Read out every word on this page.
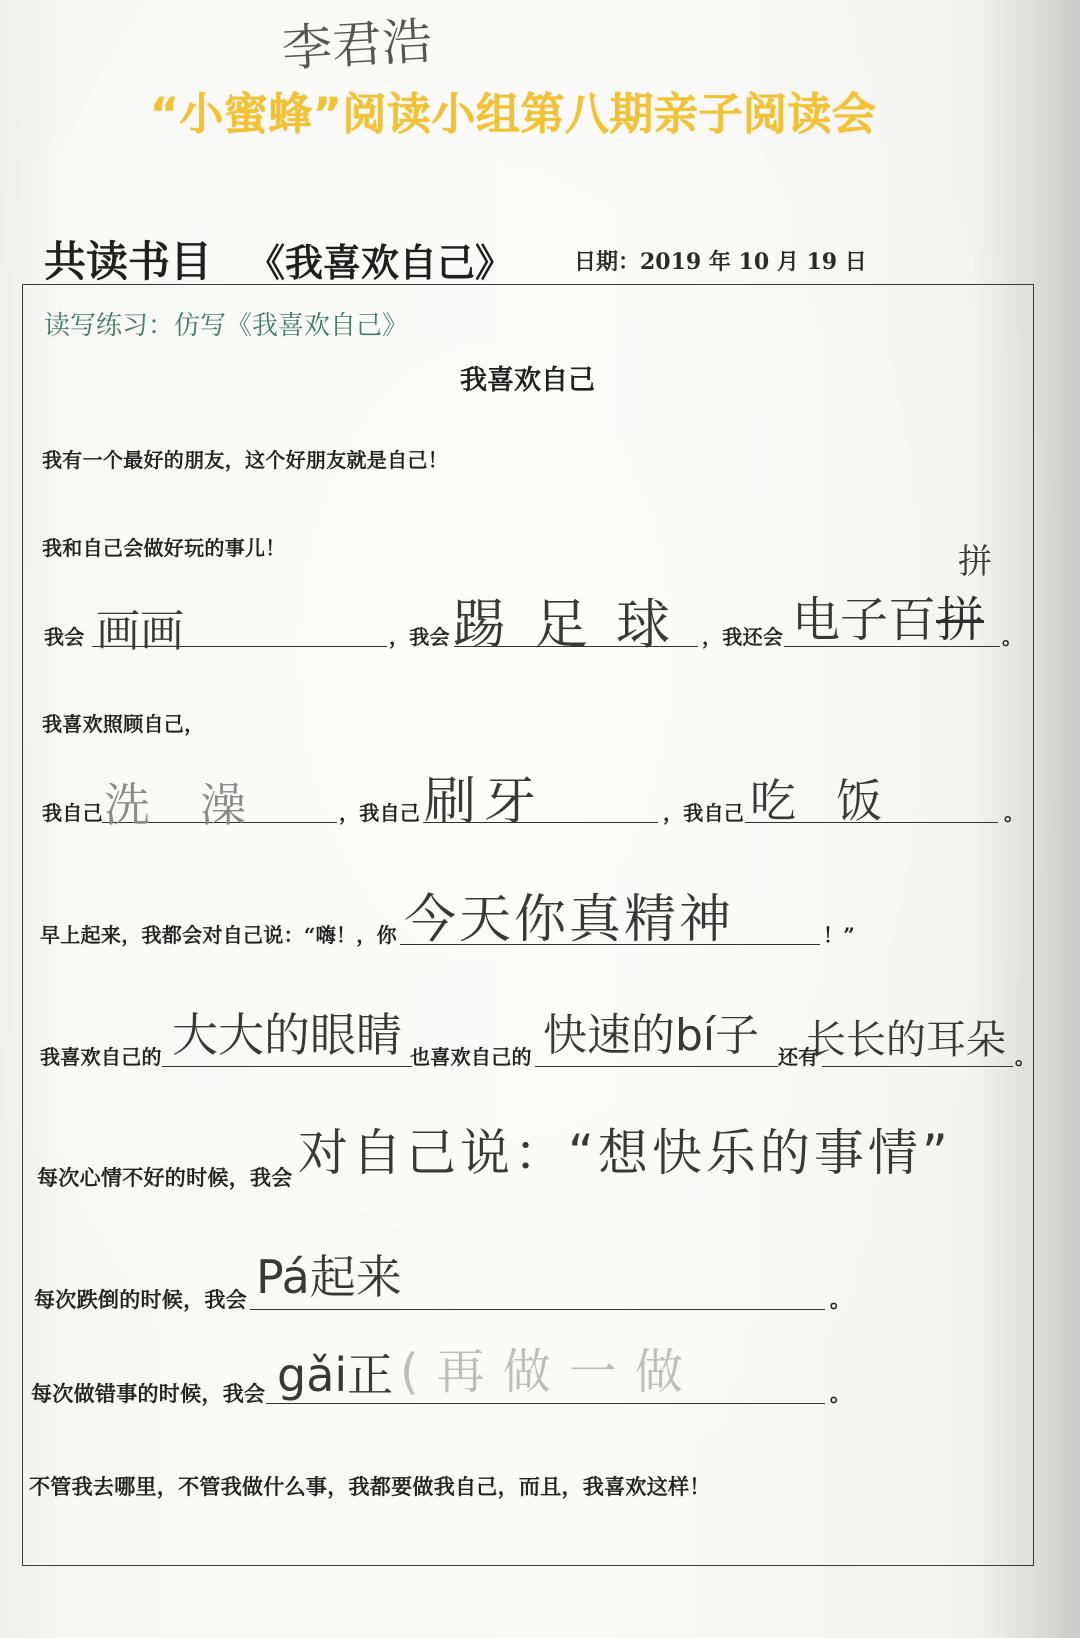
李君浩
“小蜜蜂”阅读小组第八期亲子阅读会
共读书目 《我喜欢自己》	日期：2019 年 10 月 19 日
读写练习：仿写《我喜欢自己》
我喜欢自己
我有一个最好的朋友，这个好朋友就是自己！
我和自己会做好玩的事儿！
我会 画画	，我会 踢足球 ，我还会 电子百拼
拼
。
我喜欢照顾自己，
我自己 洗澡 ，我自己 刷牙	，我自己 吃饭	。
早上起来，我都会对自己说：“嗨！，你 今天你真精神	！”
我喜欢自己的 大大的眼睛 也喜欢自己的 快速的bí子 还有
长长的耳朵 。
每次心情不好的时候，我会 对自己说：“想快乐的事情”
每次跌倒的时候，我会 Pá起来	。
每次做错事的时候，我会 gǎi正 (再做一做	。
不管我去哪里，不管我做什么事，我都要做我自己，而且，我喜欢这样！
